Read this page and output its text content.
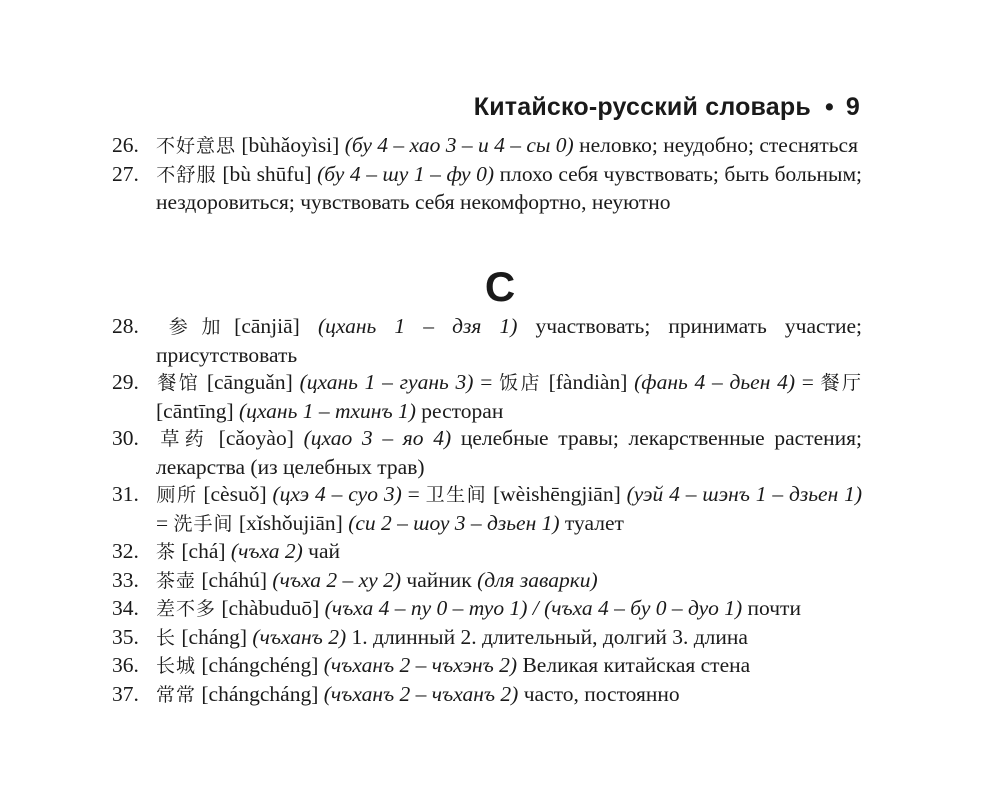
Китайско-русский словарь • 9

26. 不好意思 [bùhǎoyìsi] (бу 4 – хао 3 – и 4 – сы 0) неловко; неудобно; стесняться

27. 不舒服 [bù shūfu] (бу 4 – шу 1 – фу 0) плохо себя чувствовать; быть больным; нездоровиться; чувствовать себя некомфортно, неуютно

С

28. 参加[cānjiā] (цхань 1 – дзя 1) участвовать; принимать участие; присутствовать

29. 餐馆 [cānguǎn] (цхань 1 – гуань 3) = 饭店 [fàndiàn] (фань 4 – дьен 4) = 餐厅 [cāntīng] (цхань 1 – тхинъ 1) ресторан

30. 草药 [cǎoyào] (цхао 3 – яо 4) целебные травы; лекарственные растения; лекарства (из целебных трав)

31. 厕所 [cèsuǒ] (цхэ 4 – суо 3) = 卫生间 [wèishēngjiān] (уэй 4 – шэнъ 1 – дзьен 1) = 洗手间 [xǐshǒujiān] (си 2 – шоу 3 – дзьен 1) туалет

32. 茶 [chá] (чъха 2) чай

33. 茶壶 [cháhú] (чъха 2 – ху 2) чайник (для заварки)

34. 差不多 [chàbuduō] (чъха 4 – пу 0 – туо 1) / (чъха 4 – бу 0 – дуо 1) почти

35. 长 [cháng] (чъханъ 2) 1. длинный 2. длительный, долгий 3. длина

36. 长城 [chángchéng] (чъханъ 2 – чъхэнъ 2) Великая китайская стена

37. 常常 [chángcháng] (чъханъ 2 – чъханъ 2) часто, постоянно
